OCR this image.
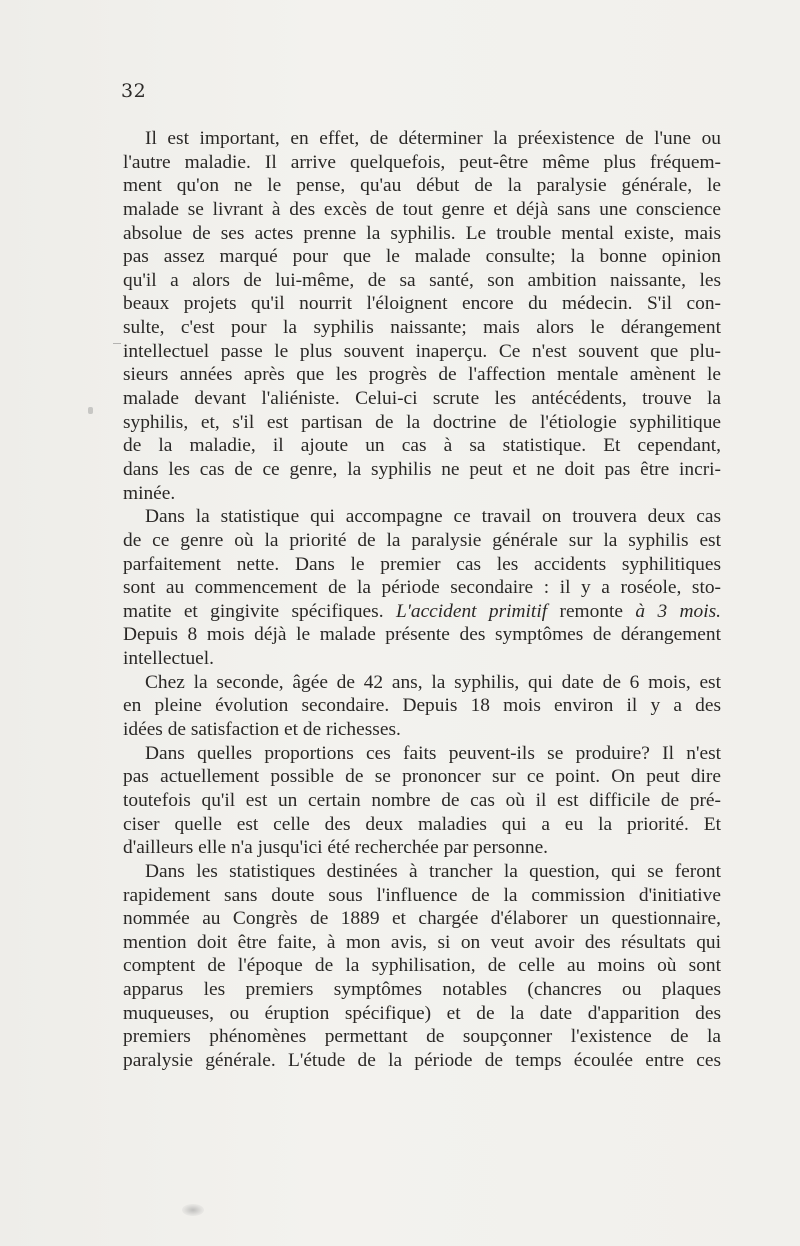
32
Il est important, en effet, de déterminer la préexistence de l'une ou
l'autre maladie. Il arrive quelquefois, peut-être même plus fréquem-
ment qu'on ne le pense, qu'au début de la paralysie générale, le
malade se livrant à des excès de tout genre et déjà sans une conscience
absolue de ses actes prenne la syphilis. Le trouble mental existe, mais
pas assez marqué pour que le malade consulte; la bonne opinion
qu'il a alors de lui-même, de sa santé, son ambition naissante, les
beaux projets qu'il nourrit l'éloignent encore du médecin. S'il con-
sulte, c'est pour la syphilis naissante; mais alors le dérangement
intellectuel passe le plus souvent inaperçu. Ce n'est souvent que plu-
sieurs années après que les progrès de l'affection mentale amènent le
malade devant l'aliéniste. Celui-ci scrute les antécédents, trouve la
syphilis, et, s'il est partisan de la doctrine de l'étiologie syphilitique
de la maladie, il ajoute un cas à sa statistique. Et cependant,
dans les cas de ce genre, la syphilis ne peut et ne doit pas être incri-
minée.
Dans la statistique qui accompagne ce travail on trouvera deux cas
de ce genre où la priorité de la paralysie générale sur la syphilis est
parfaitement nette. Dans le premier cas les accidents syphilitiques
sont au commencement de la période secondaire : il y a roséole, sto-
matite et gingivite spécifiques. L'accident primitif remonte à 3 mois.
Depuis 8 mois déjà le malade présente des symptômes de dérangement
intellectuel.
Chez la seconde, âgée de 42 ans, la syphilis, qui date de 6 mois, est
en pleine évolution secondaire. Depuis 18 mois environ il y a des
idées de satisfaction et de richesses.
Dans quelles proportions ces faits peuvent-ils se produire? Il n'est
pas actuellement possible de se prononcer sur ce point. On peut dire
toutefois qu'il est un certain nombre de cas où il est difficile de pré-
ciser quelle est celle des deux maladies qui a eu la priorité. Et
d'ailleurs elle n'a jusqu'ici été recherchée par personne.
Dans les statistiques destinées à trancher la question, qui se feront
rapidement sans doute sous l'influence de la commission d'initiative
nommée au Congrès de 1889 et chargée d'élaborer un questionnaire,
mention doit être faite, à mon avis, si on veut avoir des résultats qui
comptent de l'époque de la syphilisation, de celle au moins où sont
apparus les premiers symptômes notables (chancres ou plaques
muqueuses, ou éruption spécifique) et de la date d'apparition des
premiers phénomènes permettant de soupçonner l'existence de la
paralysie générale. L'étude de la période de temps écoulée entre ces
